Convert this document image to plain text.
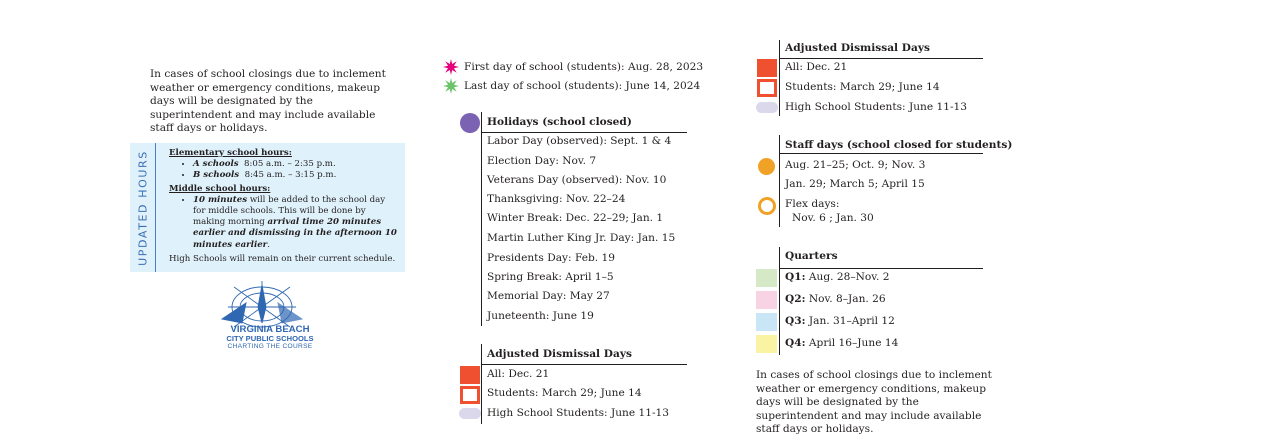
In cases of school closings due to inclement weather or emergency conditions, makeup days will be designated by the superintendent and may include available staff days or holidays.
UPDATED HOURS Elementary school hours:
• A schools 8:05 a.m. – 2:35 p.m.
• B schools 8:45 a.m. – 3:15 p.m.
Middle school hours:
• 10 minutes will be added to the school day for middle schools. This will be done by making morning arrival time 20 minutes earlier and dismissing in the afternoon 10 minutes earlier.
High Schools will remain on their current schedule.
VIRGINIA BEACH
CITY PUBLIC SCHOOLS
CHARTING THE COURSE
First day of school (students): Aug. 28, 2023
Last day of school (students): June 14, 2024
Holidays (school closed)
Labor Day (observed): Sept. 1 & 4
Election Day: Nov. 7
Veterans Day (observed): Nov. 10
Thanksgiving: Nov. 22–24
Winter Break: Dec. 22–29; Jan. 1
Martin Luther King Jr. Day: Jan. 15
Presidents Day: Feb. 19
Spring Break: April 1–5
Memorial Day: May 27
Juneteenth: June 19
Adjusted Dismissal Days
All: Dec. 21
Students: March 29; June 14
High School Students: June 11-13
Adjusted Dismissal Days
All: Dec. 21
Students: March 29; June 14
High School Students: June 11-13
Staff days (school closed for students)
Aug. 21–25; Oct. 9; Nov. 3
Jan. 29; March 5; April 15
Flex days:
Nov. 6 ; Jan. 30
Quarters
Q1: Aug. 28–Nov. 2
Q2: Nov. 8–Jan. 26
Q3: Jan. 31–April 12
Q4: April 16–June 14
In cases of school closings due to inclement weather or emergency conditions, makeup days will be designated by the superintendent and may include available staff days or holidays.
